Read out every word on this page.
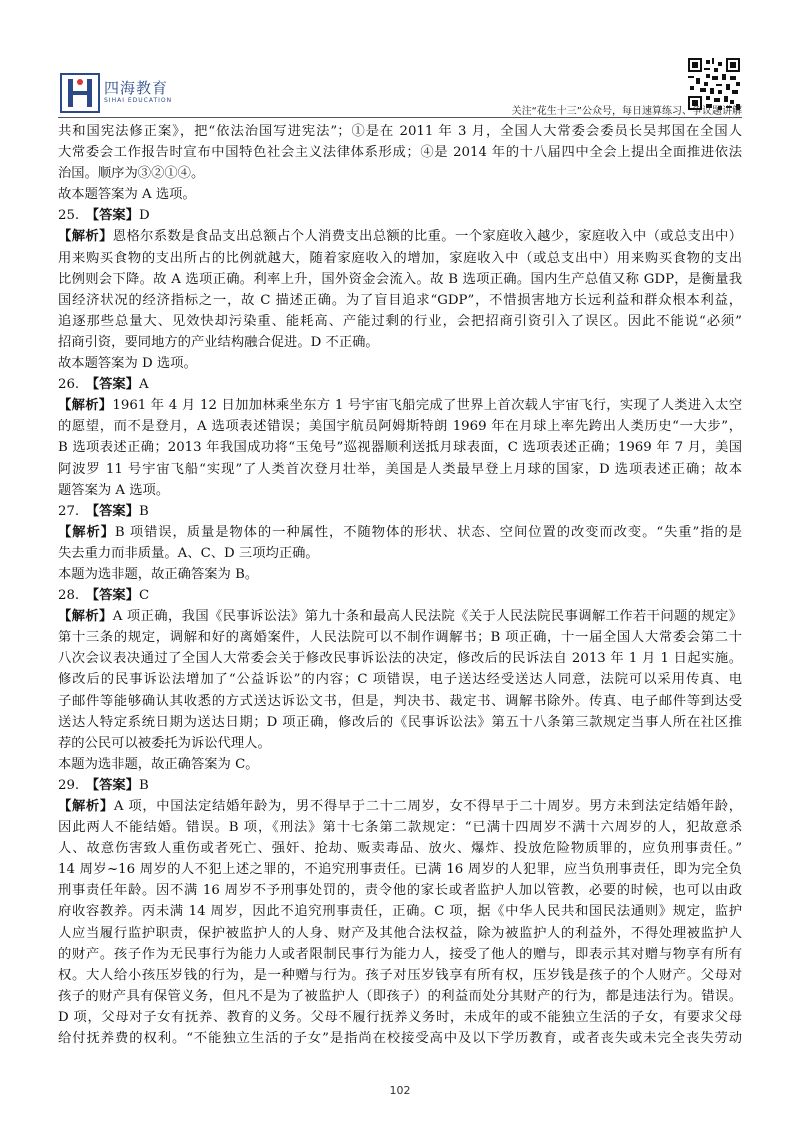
四海教育
SIHAI EDUCATION
关注“花生十三”公众号，每日速算练习、争议题讲解
共和国宪法修正案》，把“依法治国写进宪法”；①是在 2011 年 3 月，全国人大常委会委员长吴邦国在全国人
大常委会工作报告时宣布中国特色社会主义法律体系形成；④是 2014 年的十八届四中全会上提出全面推进依法
治国。顺序为③②①④。
故本题答案为 A 选项。
25.　【答案】D
【解析】恩格尔系数是食品支出总额占个人消费支出总额的比重。一个家庭收入越少，家庭收入中（或总支出中）
用来购买食物的支出所占的比例就越大，随着家庭收入的增加，家庭收入中（或总支出中）用来购买食物的支出
比例则会下降。故 A 选项正确。利率上升，国外资金会流入。故 B 选项正确。国内生产总值又称 GDP，是衡量我
国经济状况的经济指标之一，故 C 描述正确。为了盲目追求“GDP”，不惜损害地方长远利益和群众根本利益，
追逐那些总量大、见效快却污染重、能耗高、产能过剩的行业，会把招商引资引入了误区。因此不能说“必须”
招商引资，要同地方的产业结构融合促进。D 不正确。
故本题答案为 D 选项。
26.　【答案】A
【解析】1961 年 4 月 12 日加加林乘坐东方 1 号宇宙飞船完成了世界上首次载人宇宙飞行，实现了人类进入太空
的愿望，而不是登月，A 选项表述错误；美国宇航员阿姆斯特朗 1969 年在月球上率先跨出人类历史“一大步”，
B 选项表述正确；2013 年我国成功将“玉兔号”巡视器顺利送抵月球表面，C 选项表述正确；1969 年 7 月，美国
阿波罗 11 号宇宙飞船“实现”了人类首次登月壮举，美国是人类最早登上月球的国家，D 选项表述正确；故本
题答案为 A 选项。
27.　【答案】B
【解析】B 项错误，质量是物体的一种属性，不随物体的形状、状态、空间位置的改变而改变。“失重”指的是
失去重力而非质量。A、C、D 三项均正确。
本题为选非题，故正确答案为 B。
28.　【答案】C
【解析】A 项正确，我国《民事诉讼法》第九十条和最高人民法院《关于人民法院民事调解工作若干问题的规定》
第十三条的规定，调解和好的离婚案件，人民法院可以不制作调解书；B 项正确，十一届全国人大常委会第二十
八次会议表决通过了全国人大常委会关于修改民事诉讼法的决定，修改后的民诉法自 2013 年 1 月 1 日起实施。
修改后的民事诉讼法增加了“公益诉讼”的内容；C 项错误，电子送达经受送达人同意，法院可以采用传真、电
子邮件等能够确认其收悉的方式送达诉讼文书，但是，判决书、裁定书、调解书除外。传真、电子邮件等到达受
送达人特定系统日期为送达日期；D 项正确，修改后的《民事诉讼法》第五十八条第三款规定当事人所在社区推
荐的公民可以被委托为诉讼代理人。
本题为选非题，故正确答案为 C。
29.　【答案】B
【解析】A 项，中国法定结婚年龄为，男不得早于二十二周岁，女不得早于二十周岁。男方未到法定结婚年龄，
因此两人不能结婚。错误。B 项，《刑法》第十七条第二款规定：“已满十四周岁不满十六周岁的人，犯故意杀
人、故意伤害致人重伤或者死亡、强奸、抢劫、贩卖毒品、放火、爆炸、投放危险物质罪的，应负刑事责任。”
14 周岁~16 周岁的人不犯上述之罪的，不追究刑事责任。已满 16 周岁的人犯罪，应当负刑事责任，即为完全负
刑事责任年龄。因不满 16 周岁不予刑事处罚的，责令他的家长或者监护人加以管教，必要的时候，也可以由政
府收容教养。丙未满 14 周岁，因此不追究刑事责任，正确。C 项，据《中华人民共和国民法通则》规定，监护
人应当履行监护职责，保护被监护人的人身、财产及其他合法权益，除为被监护人的利益外，不得处理被监护人
的财产。孩子作为无民事行为能力人或者限制民事行为能力人，接受了他人的赠与，即表示其对赠与物享有所有
权。大人给小孩压岁钱的行为，是一种赠与行为。孩子对压岁钱享有所有权，压岁钱是孩子的个人财产。父母对
孩子的财产具有保管义务，但凡不是为了被监护人（即孩子）的利益而处分其财产的行为，都是违法行为。错误。
D 项，父母对子女有抚养、教育的义务。父母不履行抚养义务时，未成年的或不能独立生活的子女，有要求父母
给付抚养费的权利。“不能独立生活的子女”是指尚在校接受高中及以下学历教育，或者丧失或未完全丧失劳动
102
